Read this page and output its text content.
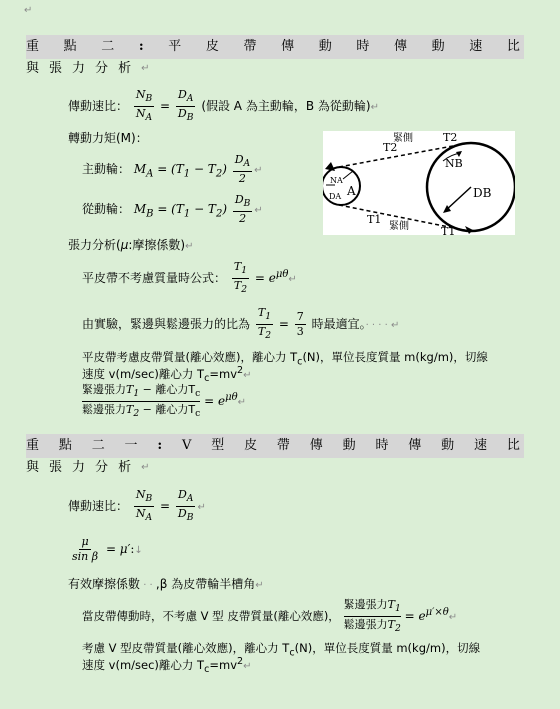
↵
重 點 二 : 平 皮 帶 傳 動 時 傳 動 速 比
與 張 力 分 析 ↵
傳動速比： $\frac{N_B}{N_A} = \frac{D_A}{D_B}$ (假設 A 為主動輪，B 為從動輪)↵
轉動力矩(M)：
主動輪： $M_A = (T_1 - T_2) \frac{D_A}{2}$ ↵
從動輪： $M_B = (T_1 - T_2) \frac{D_B}{2}$ ↵
張力分析(μ:摩擦係數)↵
平皮帶不考慮質量時公式： $\frac{T_1}{T_2}$ = $e^{\mu\theta}↵$
由實驗，緊邊與鬆邊張力的比為 $\frac{T_1}{T_2} = \frac{7}{3}$ 時最適宜。· · · · ↵
平皮帶考慮皮帶質量(離心效應)，離心力 $T_c(N)$，單位長度質量 m(kg/m)，切線
速度 v(m/sec)離心力 $T_c=mv^2↵$
緊邊張力$T_1$ − 離心力$T_c$
鬆邊張力$T_2$ − 離心力$T_c$
= $e^{\mu\theta}↵$
T2
緊側	T2
T1
緊側	T1
NA
DA A
NB
DB
重 點 二 一 : V 型 皮 帶 傳 動 時 傳 動 速 比
與 張 力 分 析 ↵
傳動速比： $\frac{N_B}{N_A} = \frac{D_A}{D_B}$ ↵
$\frac{\mu}{\text{sin β}}$ = μ′:↓
有效摩擦係數 · · ,β 為皮帶輪半槽角↵
當皮帶傳動時，不考慮 V 型 皮帶質量(離心效應)，
緊邊張力$T_1$
鬆邊張力$T_2$
= $e^{\mu'\times\theta}↵$
考慮 V 型皮帶質量(離心效應)，離心力 $T_c(N)$，單位長度質量 m(kg/m)，切線
速度 v(m/sec)離心力 $T_c=mv^2↵$
